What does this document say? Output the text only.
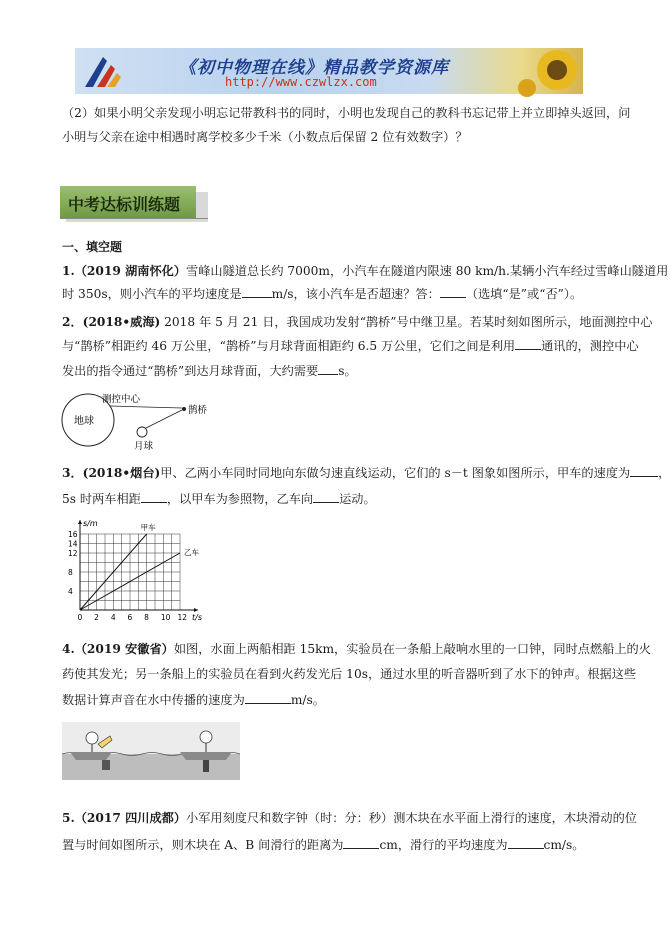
《初中物理在线》精品教学资源库
http://www.czwlzx.com
（2）如果小明父亲发现小明忘记带教科书的同时，小明也发现自己的教科书忘记带上并立即掉头返回，问
小明与父亲在途中相遇时离学校多少千米（小数点后保留 2 位有效数字）？
中考达标训练题
一、填空题
1.（2019 湖南怀化）雪峰山隧道总长约 7000m，小汽车在隧道内限速 80 km/h.某辆小汽车经过雪峰山隧道用
时 350s，则小汽车的平均速度是 m/s，该小汽车是否超速？答： （选填“是”或“否”）。
2．(2018•威海) 2018 年 5 月 21 日，我国成功发射“鹊桥”号中继卫星。若某时刻如图所示，地面测控中心
与“鹊桥”相距约 46 万公里，“鹊桥”与月球背面相距约 6.5 万公里，它们之间是利用 通讯的，测控中心
发出的指令通过“鹊桥”到达月球背面，大约需要 s。
地球
测控中心
鹊桥
月球
3．(2018•烟台)甲、乙两小车同时同地向东做匀速直线运动，它们的 s－t 图象如图所示，甲车的速度为 ，
5s 时两车相距 ，以甲车为参照物，乙车向 运动。
t/s
s/m
0 2 4 6 8 10 12
4
8
12
14
16
甲车
乙车
4.（2019 安徽省）如图，水面上两船相距 15km，实验员在一条船上敲响水里的一口钟，同时点燃船上的火
药使其发光；另一条船上的实验员在看到火药发光后 10s，通过水里的听音器听到了水下的钟声。根据这些
数据计算声音在水中传播的速度为	m/s。
5.（2017 四川成都）小军用刻度尺和数字钟（时：分：秒）测木块在水平面上滑行的速度，木块滑动的位
置与时间如图所示，则木块在 A、B 间滑行的距离为	cm，滑行的平均速度为	cm/s。
